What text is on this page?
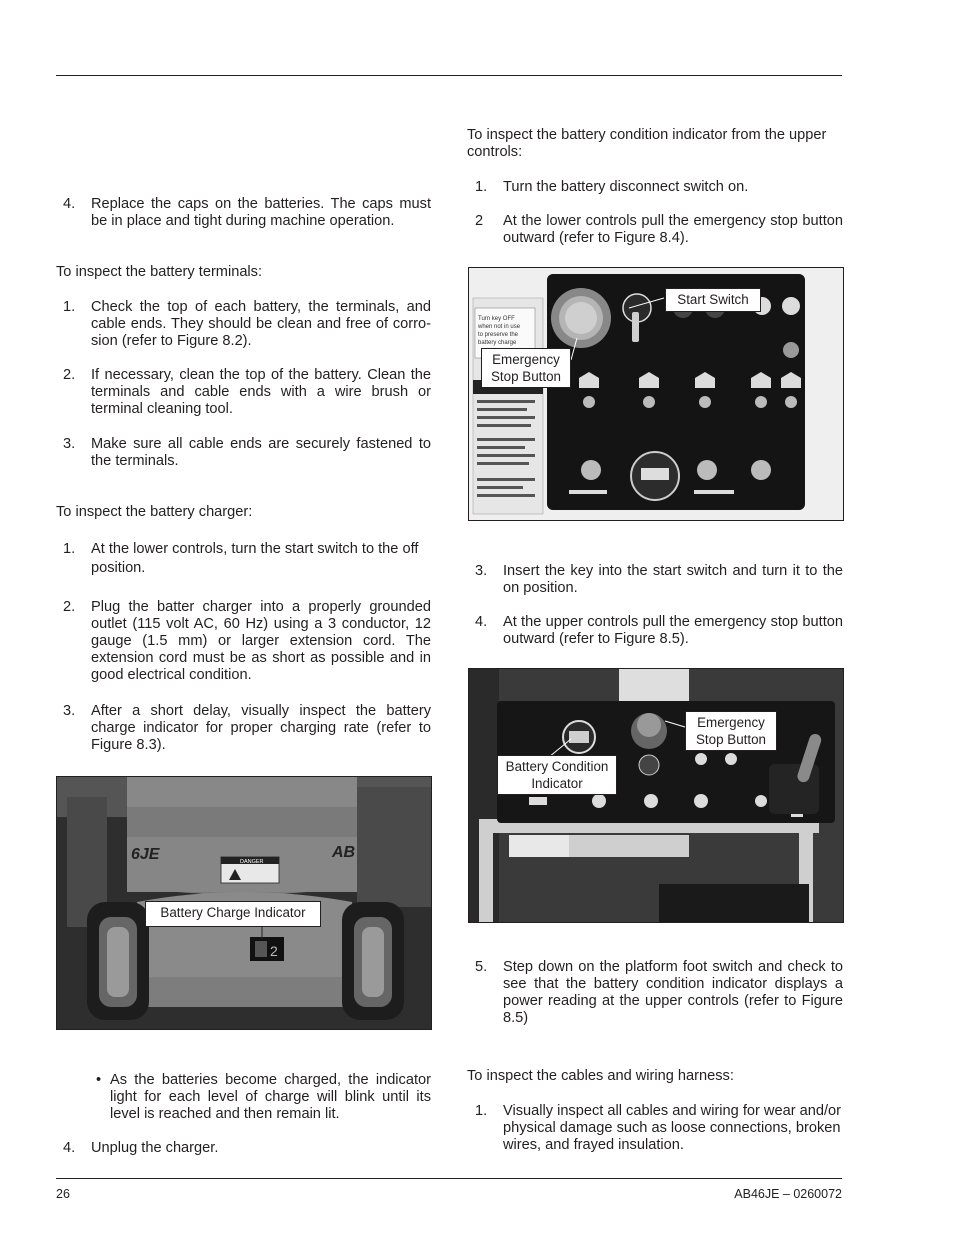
4.	Replace the caps on the batteries. The caps must be in place and tight during machine operation.

To inspect the battery terminals:

1.	Check the top of each battery, the terminals, and cable ends. They should be clean and free of corro-sion (refer to Figure 8.2).
2.	If necessary, clean the top of the battery. Clean the terminals and cable ends with a wire brush or terminal cleaning tool.
3.	Make sure all cable ends are securely fastened to the terminals.

To inspect the battery charger:

1.	At the lower controls, turn the start switch to the off position.
2.	Plug the batter charger into a properly grounded outlet (115 volt AC, 60 Hz) using a 3 conductor, 12 gauge (1.5 mm) or larger extension cord. The extension cord must be as short as possible and in good electrical condition.
3.	After a short delay, visually inspect the battery charge indicator for proper charging rate (refer to Figure 8.3).
6JE	AB
DANGER
2
Battery Charge Indicator
• As the batteries become charged, the indicator light for each level of charge will blink until its level is reached and then remain lit.
4.	Unplug the charger.

To inspect the battery condition indicator from the upper controls:

1.	Turn the battery disconnect switch on.
2	At the lower controls pull the emergency stop button outward (refer to Figure 8.4).
Turn key OFF
when not in use
to preserve the
battery charge
Start Switch
Emergency Stop Button
3.	Insert the key into the start switch and turn it to the on position.
4.	At the upper controls pull the emergency stop button outward (refer to Figure 8.5).
Emergency Stop Button
Battery Condition Indicator
5.	Step down on the platform foot switch and check to see that the battery condition indicator displays a power reading at the upper controls (refer to Figure 8.5)

To inspect the cables and wiring harness:

1.	Visually inspect all cables and wiring for wear and/or physical damage such as loose connections, broken wires, and frayed insulation.
26	AB46JE – 0260072
